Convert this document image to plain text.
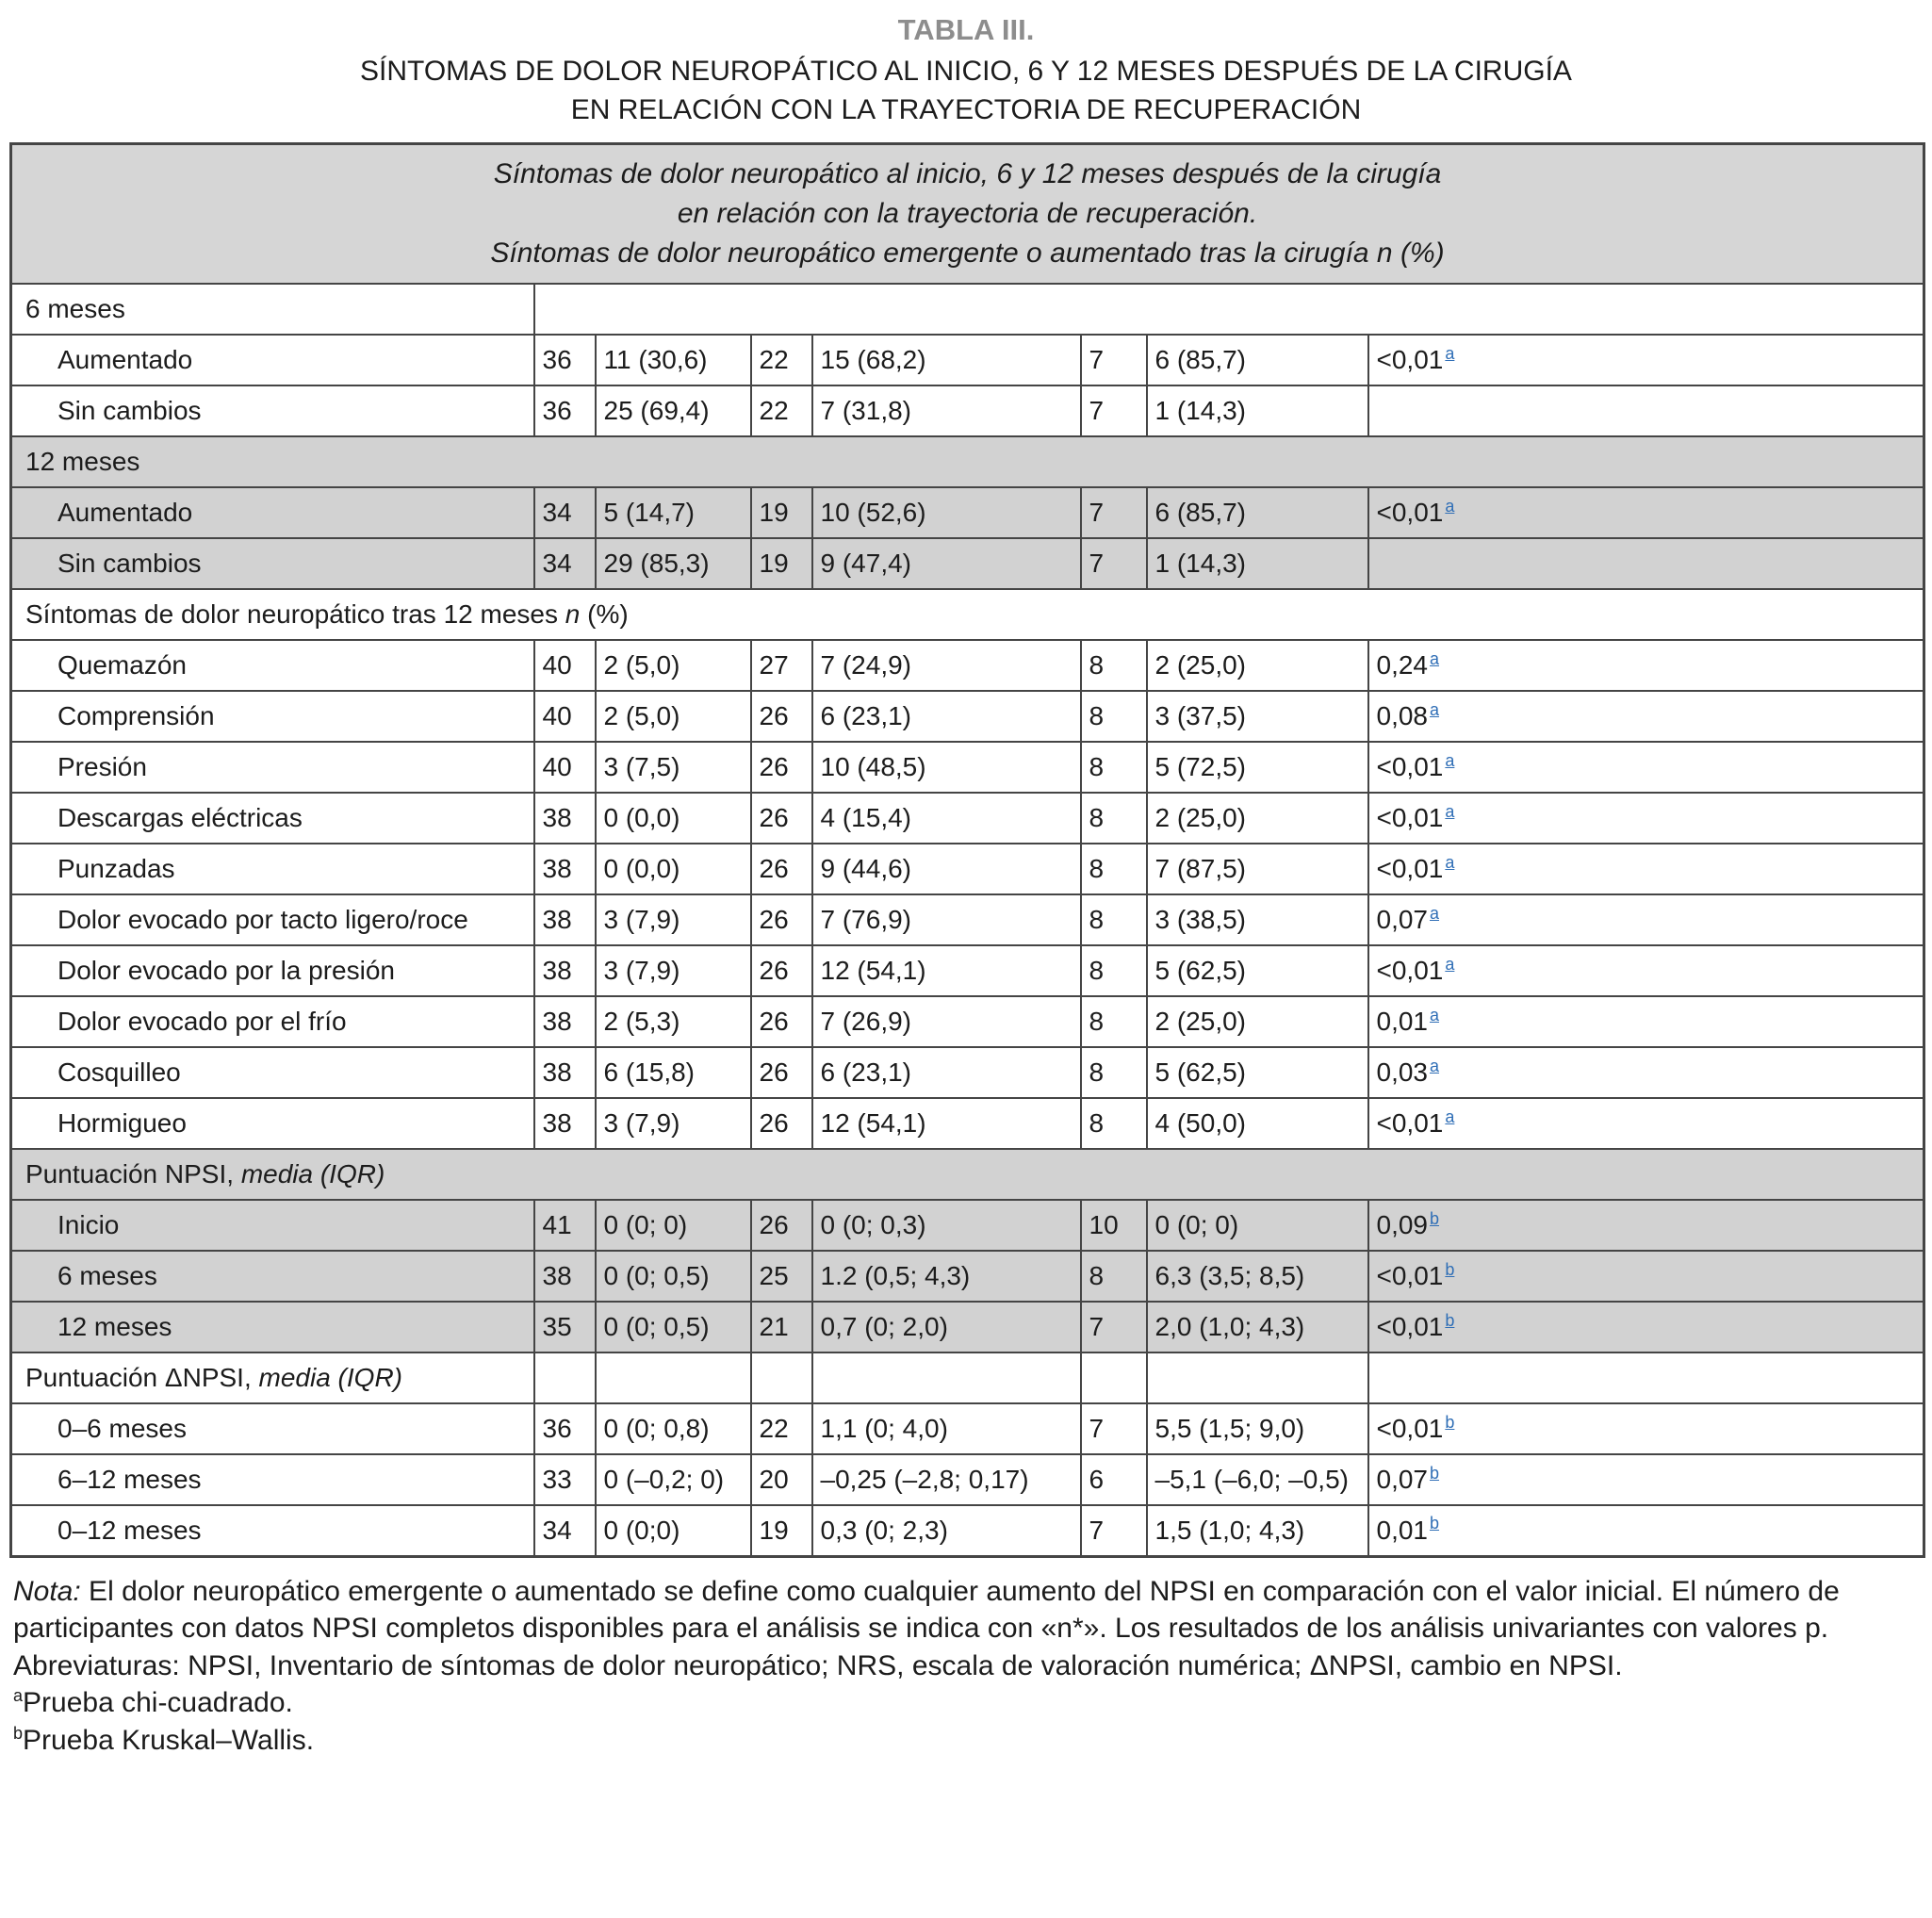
TABLA III.
SÍNTOMAS DE DOLOR NEUROPÁTICO AL INICIO, 6 Y 12 MESES DESPUÉS DE LA CIRUGÍA
EN RELACIÓN CON LA TRAYECTORIA DE RECUPERACIÓN
Síntomas de dolor neuropático al inicio, 6 y 12 meses después de la cirugía
en relación con la trayectoria de recuperación.
Síntomas de dolor neuropático emergente o aumentado tras la cirugía n (%)							

6 meses							
Aumentado	36	11 (30,6)	22	15 (68,2)	7	6 (85,7)	<0,01 $^a$
Sin cambios	36	25 (69,4)	22	7 (31,8)	7	1 (14,3)	
12 meses							
Aumentado	34	5 (14,7)	19	10 (52,6)	7	6 (85,7)	<0,01 $^a$
Sin cambios	34	29 (85,3)	19	9 (47,4)	7	1 (14,3)	
Síntomas de dolor neuropático tras 12 meses n (%)							
Quemazón	40	2 (5,0)	27	7 (24,9)	8	2 (25,0)	0,24 $^a$
Comprensión	40	2 (5,0)	26	6 (23,1)	8	3 (37,5)	0,08 $^a$
Presión	40	3 (7,5)	26	10 (48,5)	8	5 (72,5)	<0,01 $^a$
Descargas eléctricas	38	0 (0,0)	26	4 (15,4)	8	2 (25,0)	<0,01 $^a$
Punzadas	38	0 (0,0)	26	9 (44,6)	8	7 (87,5)	<0,01 $^a$
Dolor evocado por tacto ligero/roce	38	3 (7,9)	26	7 (76,9)	8	3 (38,5)	0,07 $^a$
Dolor evocado por la presión	38	3 (7,9)	26	12 (54,1)	8	5 (62,5)	<0,01 $^a$
Dolor evocado por el frío	38	2 (5,3)	26	7 (26,9)	8	2 (25,0)	0,01 $^a$
Cosquilleo	38	6 (15,8)	26	6 (23,1)	8	5 (62,5)	0,03 $^a$
Hormigueo	38	3 (7,9)	26	12 (54,1)	8	4 (50,0)	<0,01 $^a$
Puntuación NPSI, media (IQR)							
Inicio	41	0 (0; 0)	26	0 (0; 0,3)	10	0 (0; 0)	0,09 $^b$
6 meses	38	0 (0; 0,5)	25	1.2 (0,5; 4,3)	8	6,3 (3,5; 8,5)	<0,01 $^b$
12 meses	35	0 (0; 0,5)	21	0,7 (0; 2,0)	7	2,0 (1,0; 4,3)	<0,01 $^b$
Puntuación ΔNPSI, media (IQR)							
0–6 meses	36	0 (0; 0,8)	22	1,1 (0; 4,0)	7	5,5 (1,5; 9,0)	<0,01 $^b$
6–12 meses	33	0 (–0,2; 0)	20	–0,25 (–2,8; 0,17)	6	–5,1 (–6,0; –0,5)	0,07 $^b$
0–12 meses	34	0 (0;0)	19	0,3 (0; 2,3)	7	1,5 (1,0; 4,3)	0,01 $^b$

Nota: El dolor neuropático emergente o aumentado se define como cualquier aumento del NPSI en comparación con el valor inicial. El número de participantes con datos NPSI completos disponibles para el análisis se indica con «n*». Los resultados de los análisis univariantes con valores p.

Abreviaturas: NPSI, Inventario de síntomas de dolor neuropático; NRS, escala de valoración numérica; ΔNPSI, cambio en NPSI.

$^a$Prueba chi-cuadrado.

$^b$Prueba Kruskal–Wallis.
